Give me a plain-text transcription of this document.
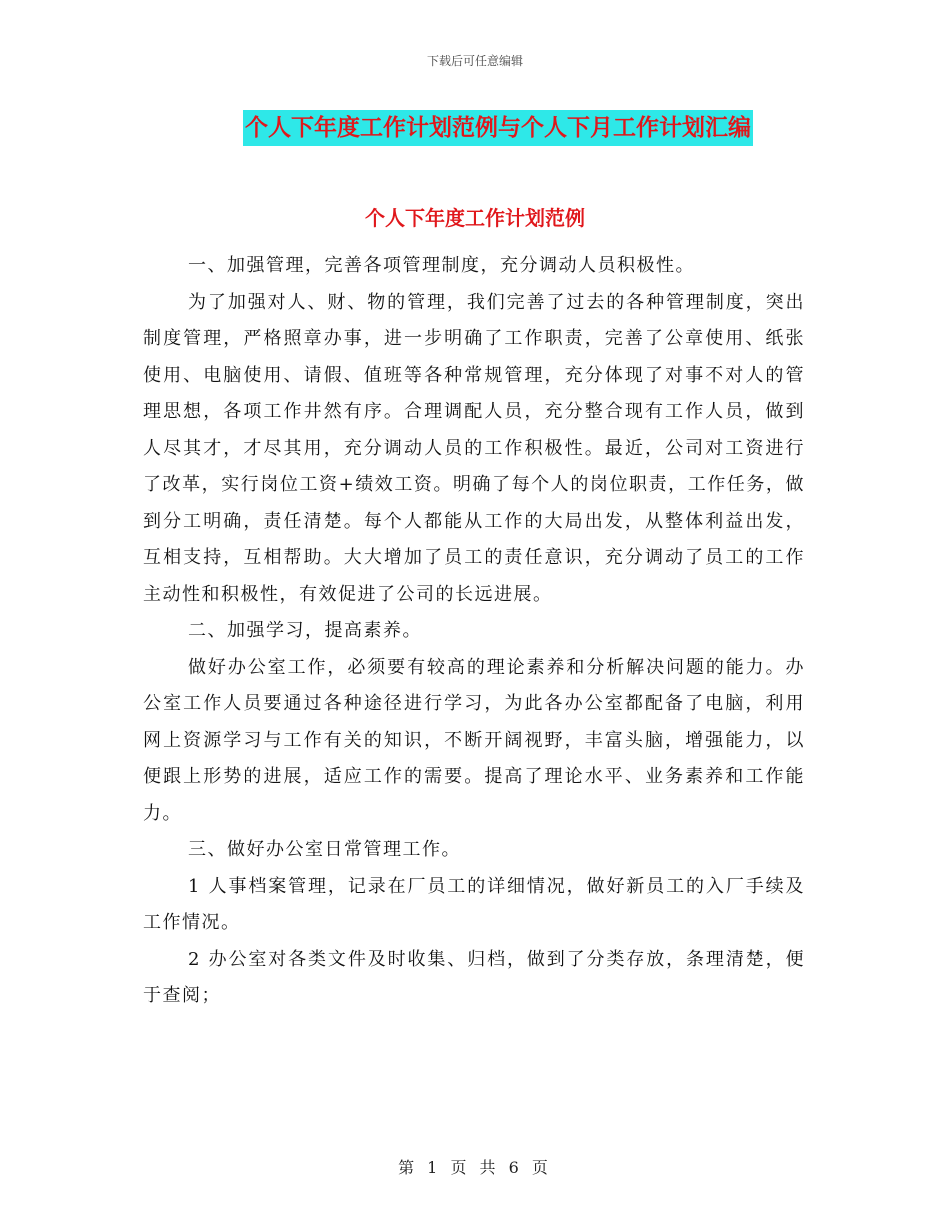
下载后可任意编辑
个人下年度工作计划范例与个人下月工作计划汇编
个人下年度工作计划范例

一、加强管理，完善各项管理制度，充分调动人员积极性。

为了加强对人、财、物的管理，我们完善了过去的各种管理制度，突出制度管理，严格照章办事，进一步明确了工作职责，完善了公章使用、纸张使用、电脑使用、请假、值班等各种常规管理，充分体现了对事不对人的管理思想，各项工作井然有序。合理调配人员，充分整合现有工作人员，做到人尽其才，才尽其用，充分调动人员的工作积极性。最近，公司对工资进行了改革，实行岗位工资+绩效工资。明确了每个人的岗位职责，工作任务，做到分工明确，责任清楚。每个人都能从工作的大局出发，从整体利益出发，互相支持，互相帮助。大大增加了员工的责任意识，充分调动了员工的工作主动性和积极性，有效促进了公司的长远进展。

二、加强学习，提高素养。

做好办公室工作，必须要有较高的理论素养和分析解决问题的能力。办公室工作人员要通过各种途径进行学习，为此各办公室都配备了电脑，利用网上资源学习与工作有关的知识，不断开阔视野，丰富头脑，增强能力，以便跟上形势的进展，适应工作的需要。提高了理论水平、业务素养和工作能力。

三、做好办公室日常管理工作。

1 人事档案管理，记录在厂员工的详细情况，做好新员工的入厂手续及工作情况。

2 办公室对各类文件及时收集、归档，做到了分类存放，条理清楚，便于查阅；

第 1 页 共 6 页
